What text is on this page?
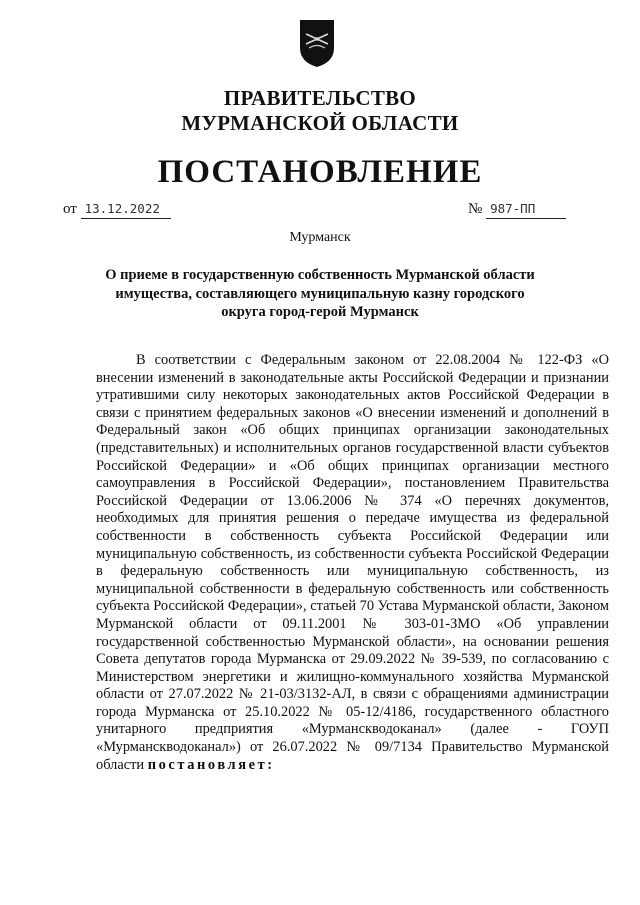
ПРАВИТЕЛЬСТВО
МУРМАНСКОЙ ОБЛАСТИ
ПОСТАНОВЛЕНИЕ
от 13.12.2022	№ 987-ПП
Мурманск
О приеме в государственную собственность Мурманской области имущества, составляющего муниципальную казну городского округа город-герой Мурманск

В соответствии с Федеральным законом от 22.08.2004 № 122-ФЗ «О внесении изменений в законодательные акты Российской Федерации и признании утратившими силу некоторых законодательных актов Российской Федерации в связи с принятием федеральных законов «О внесении изменений и дополнений в Федеральный закон «Об общих принципах организации законодательных (представительных) и исполнительных органов государственной власти субъектов Российской Федерации» и «Об общих принципах организации местного самоуправления в Российской Федерации», постановлением Правительства Российской Федерации от 13.06.2006 № 374 «О перечнях документов, необходимых для принятия решения о передаче имущества из федеральной собственности в собственность субъекта Российской Федерации или муниципальную собственность, из собственности субъекта Российской Федерации в федеральную собственность или муниципальную собственность, из муниципальной собственности в федеральную собственность или собственность субъекта Российской Федерации», статьей 70 Устава Мурманской области, Законом Мурманской области от 09.11.2001 № 303-01-ЗМО «Об управлении государственной собственностью Мурманской области», на основании решения Совета депутатов города Мурманска от 29.09.2022 № 39-539, по согласованию с Министерством энергетики и жилищно-коммунального хозяйства Мурманской области от 27.07.2022 № 21-03/3132-АЛ, в связи с обращениями администрации города Мурманска от 25.10.2022 № 05-12/4186, государственного областного унитарного предприятия «Мурманскводоканал» (далее - ГОУП «Мурманскводоканал») от 26.07.2022 № 09/7134 Правительство Мурманской области постановляет:
